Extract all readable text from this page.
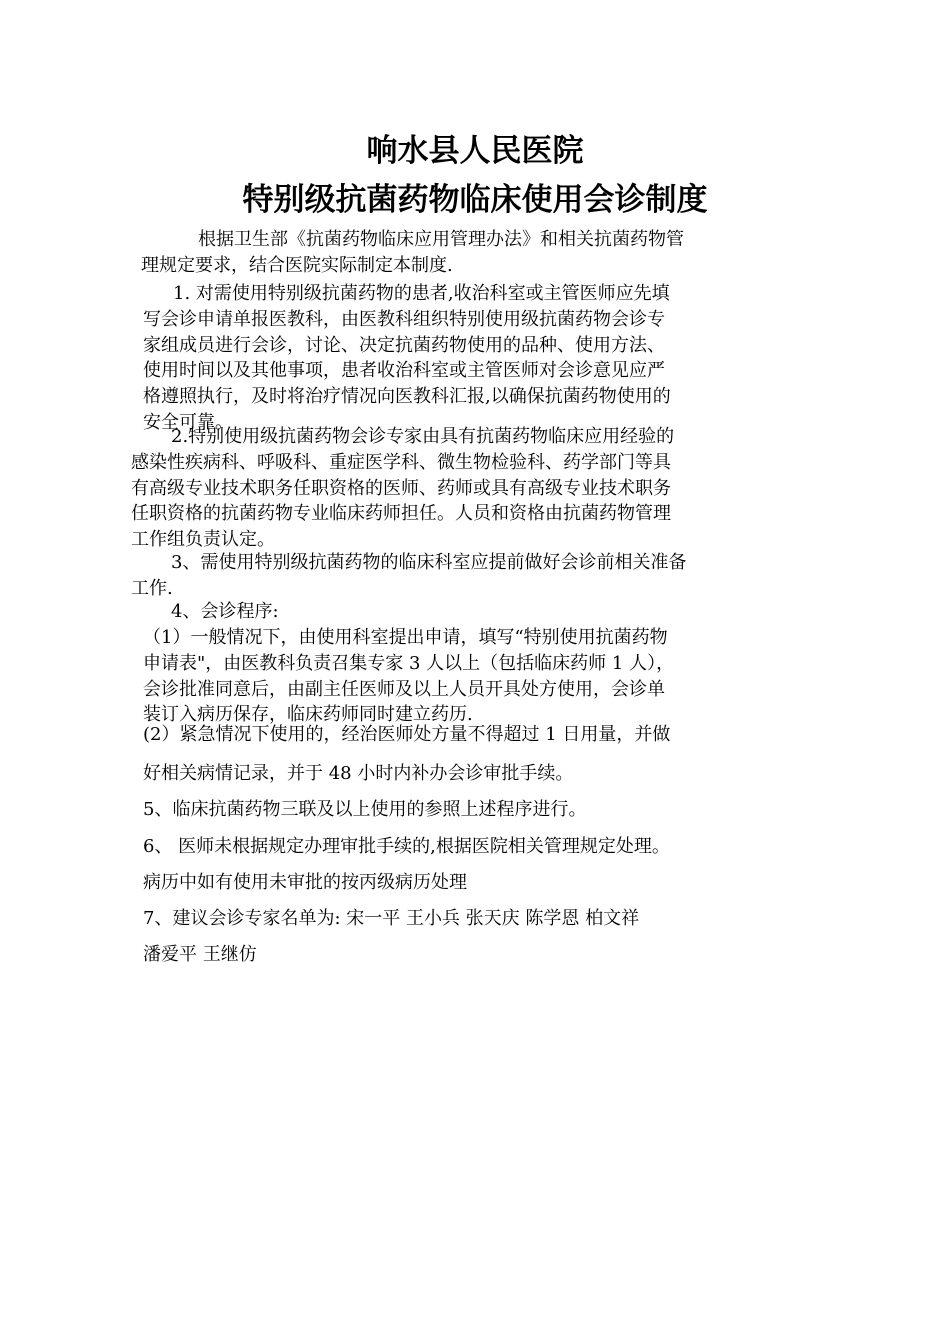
响水县人民医院
特别级抗菌药物临床使用会诊制度
根据卫生部《抗菌药物临床应用管理办法》和相关抗菌药物管
理规定要求，结合医院实际制定本制度.
1. 对需使用特别级抗菌药物的患者,收治科室或主管医师应先填
写会诊申请单报医教科，由医教科组织特别使用级抗菌药物会诊专
家组成员进行会诊，讨论、决定抗菌药物使用的品种、使用方法、
使用时间以及其他事项，患者收治科室或主管医师对会诊意见应严
格遵照执行，及时将治疗情况向医教科汇报,以确保抗菌药物使用的
安全可靠。
2.特别使用级抗菌药物会诊专家由具有抗菌药物临床应用经验的
感染性疾病科、呼吸科、重症医学科、微生物检验科、药学部门等具
有高级专业技术职务任职资格的医师、药师或具有高级专业技术职务
任职资格的抗菌药物专业临床药师担任。人员和资格由抗菌药物管理
工作组负责认定。
3、需使用特别级抗菌药物的临床科室应提前做好会诊前相关准备
工作.
4、会诊程序:
（1）一般情况下，由使用科室提出申请，填写“特别使用抗菌药物
申请表"，由医教科负责召集专家 3 人以上（包括临床药师 1 人），
会诊批准同意后，由副主任医师及以上人员开具处方使用，会诊单
装订入病历保存，临床药师同时建立药历.
(2）紧急情况下使用的，经治医师处方量不得超过 1 日用量，并做
好相关病情记录，并于 48 小时内补办会诊审批手续。
5、临床抗菌药物三联及以上使用的参照上述程序进行。
6、 医师未根据规定办理审批手续的,根据医院相关管理规定处理。
病历中如有使用未审批的按丙级病历处理
7、建议会诊专家名单为: 宋一平 王小兵 张天庆 陈学恩 柏文祥
潘爱平 王继仿
